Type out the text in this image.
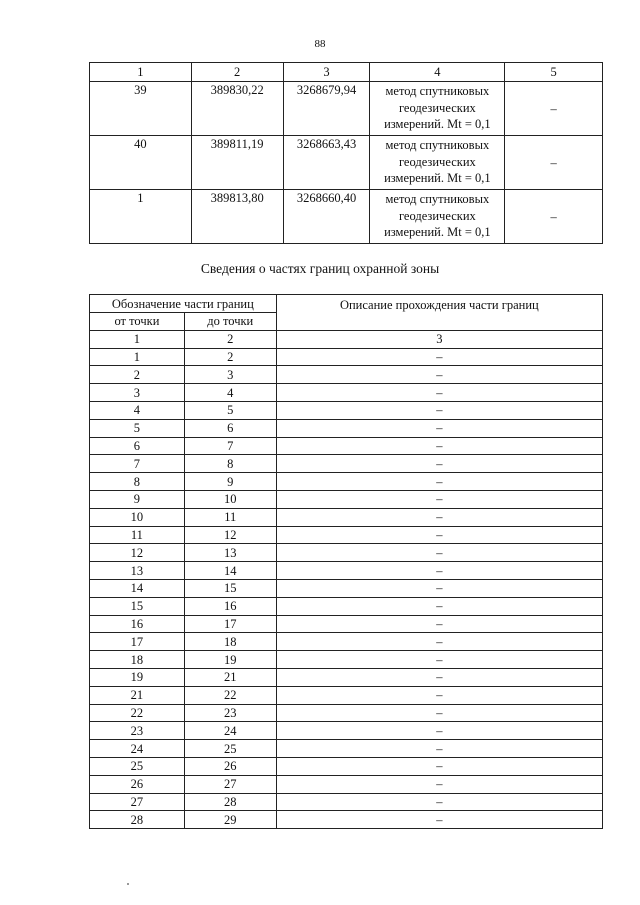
88
1	2	3	4	5
39	389830,22	3268679,94	метод спутниковых
геодезических
измерений. Mt = 0,1	–
40	389811,19	3268663,43	метод спутниковых
геодезических
измерений. Mt = 0,1	–
1	389813,80	3268660,40	метод спутниковых
геодезических
измерений. Mt = 0,1	–
Сведения о частях границ охранной зоны
Обозначение части границ		Описание прохождения части границ
от точки	до точки	
1	2	3
1	2	–
2	3	–
3	4	–
4	5	–
5	6	–
6	7	–
7	8	–
8	9	–
9	10	–
10	11	–
11	12	–
12	13	–
13	14	–
14	15	–
15	16	–
16	17	–
17	18	–
18	19	–
19	21	–
21	22	–
22	23	–
23	24	–
24	25	–
25	26	–
26	27	–
27	28	–
28	29	–
